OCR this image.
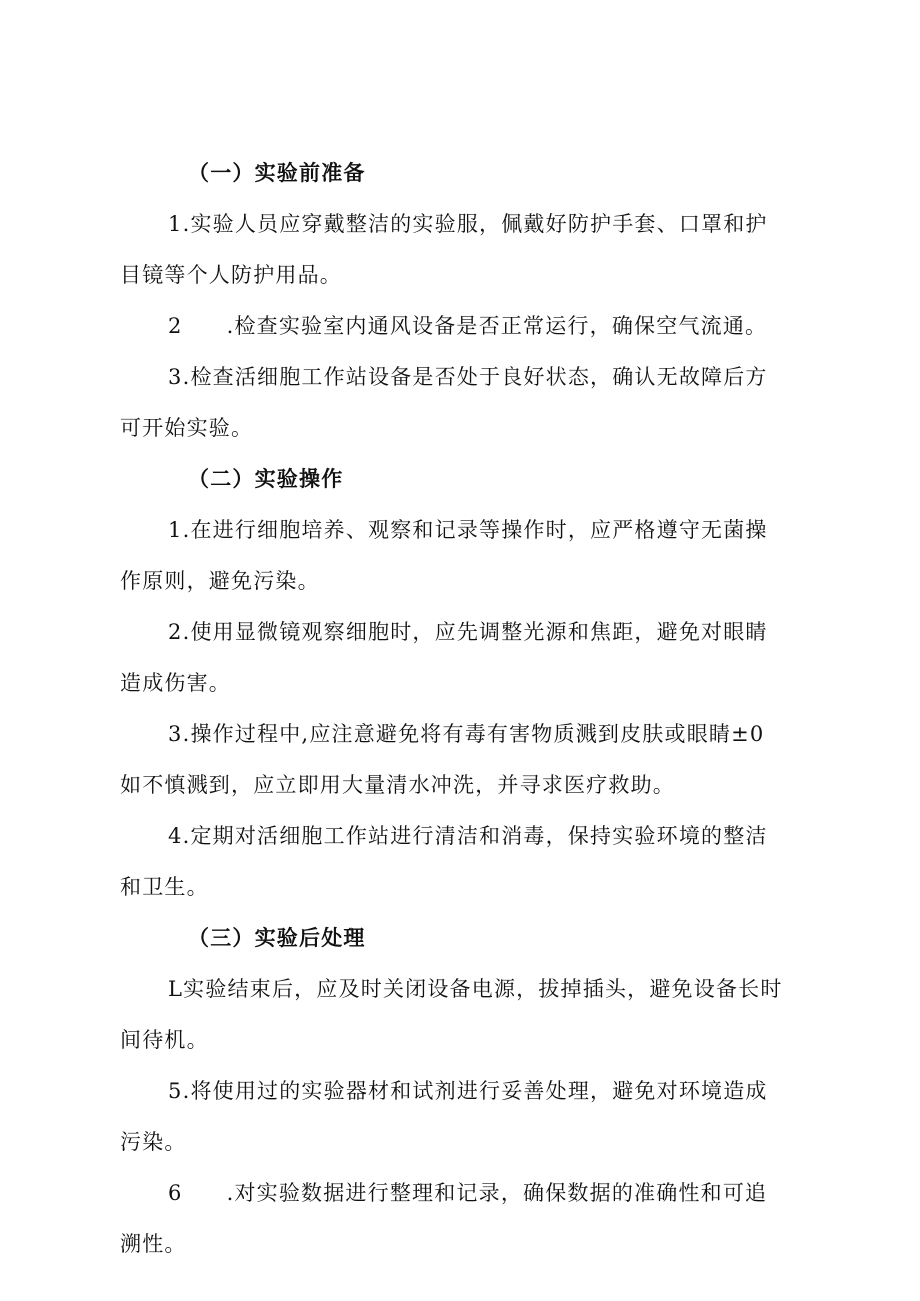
（一）实验前准备

1.实验人员应穿戴整洁的实验服，佩戴好防护手套、口罩和护

目镜等个人防护用品。

2 .检查实验室内通风设备是否正常运行，确保空气流通。

3.检查活细胞工作站设备是否处于良好状态，确认无故障后方

可开始实验。

（二）实验操作

1.在进行细胞培养、观察和记录等操作时，应严格遵守无菌操

作原则，避免污染。

2.使用显微镜观察细胞时，应先调整光源和焦距，避免对眼睛

造成伤害。

3.操作过程中,应注意避免将有毒有害物质溅到皮肤或眼睛±0

如不慎溅到，应立即用大量清水冲洗，并寻求医疗救助。

4.定期对活细胞工作站进行清洁和消毒，保持实验环境的整洁

和卫生。

（三）实验后处理

L实验结束后，应及时关闭设备电源，拔掉插头，避免设备长时

间待机。

5.将使用过的实验器材和试剂进行妥善处理，避免对环境造成

污染。

6 .对实验数据进行整理和记录，确保数据的准确性和可追

溯性。
